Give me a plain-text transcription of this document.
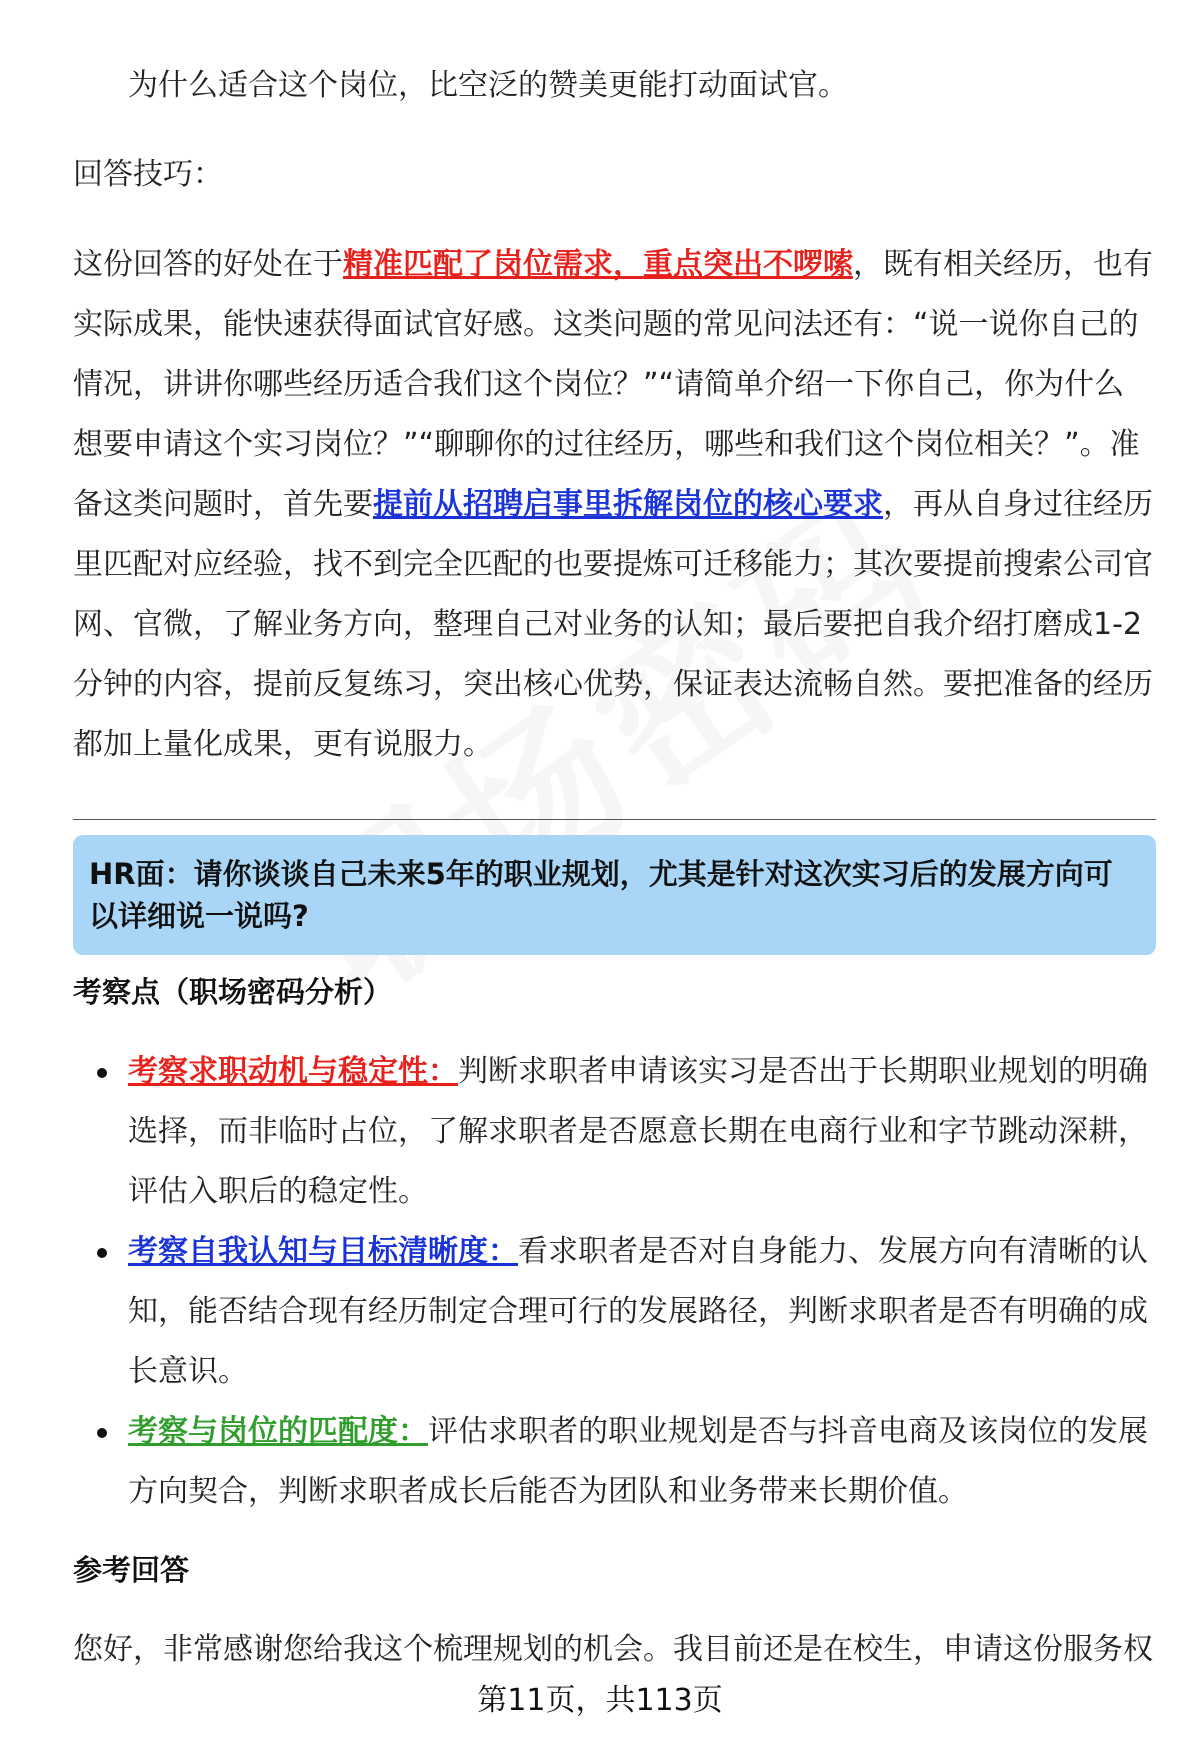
为什么适合这个岗位，比空泛的赞美更能打动面试官。

回答技巧：

这份回答的好处在于精准匹配了岗位需求，重点突出不啰嗦，既有相关经历，也有实际成果，能快速获得面试官好感。这类问题的常见问法还有：“说一说你自己的情况，讲讲你哪些经历适合我们这个岗位？”“请简单介绍一下你自己，你为什么想要申请这个实习岗位？”“聊聊你的过往经历，哪些和我们这个岗位相关？”。准备这类问题时，首先要提前从招聘启事里拆解岗位的核心要求，再从自身过往经历里匹配对应经验，找不到完全匹配的也要提炼可迁移能力；其次要提前搜索公司官网、官微，了解业务方向，整理自己对业务的认知；最后要把自我介绍打磨成1-2分钟的内容，提前反复练习，突出核心优势，保证表达流畅自然。要把准备的经历都加上量化成果，更有说服力。

HR面：请你谈谈自己未来5年的职业规划，尤其是针对这次实习后的发展方向可以详细说一说吗?
考察点（职场密码分析）
考察求职动机与稳定性：判断求职者申请该实习是否出于长期职业规划的明确选择，而非临时占位，了解求职者是否愿意长期在电商行业和字节跳动深耕，评估入职后的稳定性。
考察自我认知与目标清晰度：看求职者是否对自身能力、发展方向有清晰的认知，能否结合现有经历制定合理可行的发展路径，判断求职者是否有明确的成长意识。
考察与岗位的匹配度：评估求职者的职业规划是否与抖音电商及该岗位的发展方向契合，判断求职者成长后能否为团队和业务带来长期价值。
参考回答

您好，非常感谢您给我这个梳理规划的机会。我目前还是在校生，申请这份服务权

第11页，共113页
